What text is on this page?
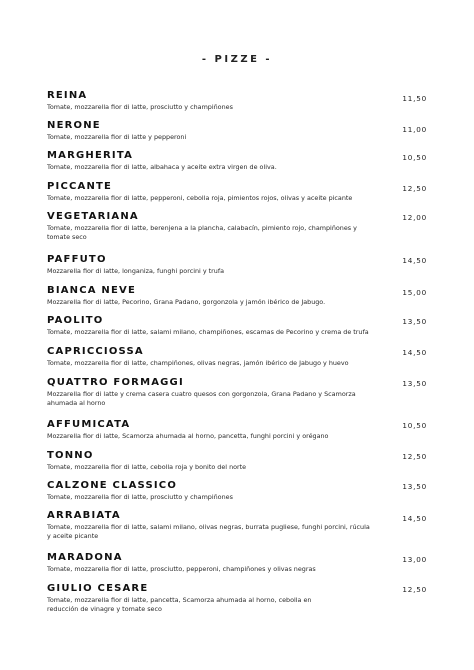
- PIZZE -
REINA
Tomate, mozzarella fior di latte, prosciutto y champiñones
11,50
NERONE
Tomate, mozzarella fior di latte y pepperoni
11,00
MARGHERITA
Tomate, mozzarella fior di latte, albahaca y aceite extra virgen de oliva.
10,50
PICCANTE
Tomate, mozzarella fior di latte, pepperoni, cebolla roja, pimientos rojos, olivas y aceite picante
12,50
VEGETARIANA
Tomate, mozzarella fior di latte, berenjena a la plancha, calabacín, pimiento rojo, champiñones y tomate seco
12,00
PAFFUTO
Mozzarella fior di latte, longaniza, funghi porcini y trufa
14,50
BIANCA NEVE
Mozzarella fior di latte, Pecorino, Grana Padano, gorgonzola y jamón ibérico de Jabugo.
15,00
PAOLITO
Tomate, mozzarella fior di latte, salami milano, champiñones, escamas de Pecorino y crema de trufa
13,50
CAPRICCIOSSA
Tomate, mozzarella fior di latte, champiñones, olivas negras, jamón ibérico de Jabugo y huevo
14,50
QUATTRO FORMAGGI
Mozzarella fior di latte y crema casera cuatro quesos con gorgonzola, Grana Padano y Scamorza ahumada al horno
13,50
AFFUMICATA
Mozzarella fior di latte, Scamorza ahumada al horno, pancetta, funghi porcini y orégano
10,50
TONNO
Tomate, mozzarella fior di latte, cebolla roja y bonito del norte
12,50
CALZONE CLASSICO
Tomate, mozzarella fior di latte, prosciutto y champiñones
13,50
ARRABIATA
Tomate, mozzarella fior di latte, salami milano, olivas negras, burrata pugliese, funghi porcini, rúcula y aceite picante
14,50
MARADONA
Tomate, mozzarella fior di latte, prosciutto, pepperoni, champiñones y olivas negras
13,00
GIULIO CESARE
Tomate, mozzarella fior di latte, pancetta, Scamorza ahumada al horno, cebolla en reducción de vinagre y tomate seco
12,50
